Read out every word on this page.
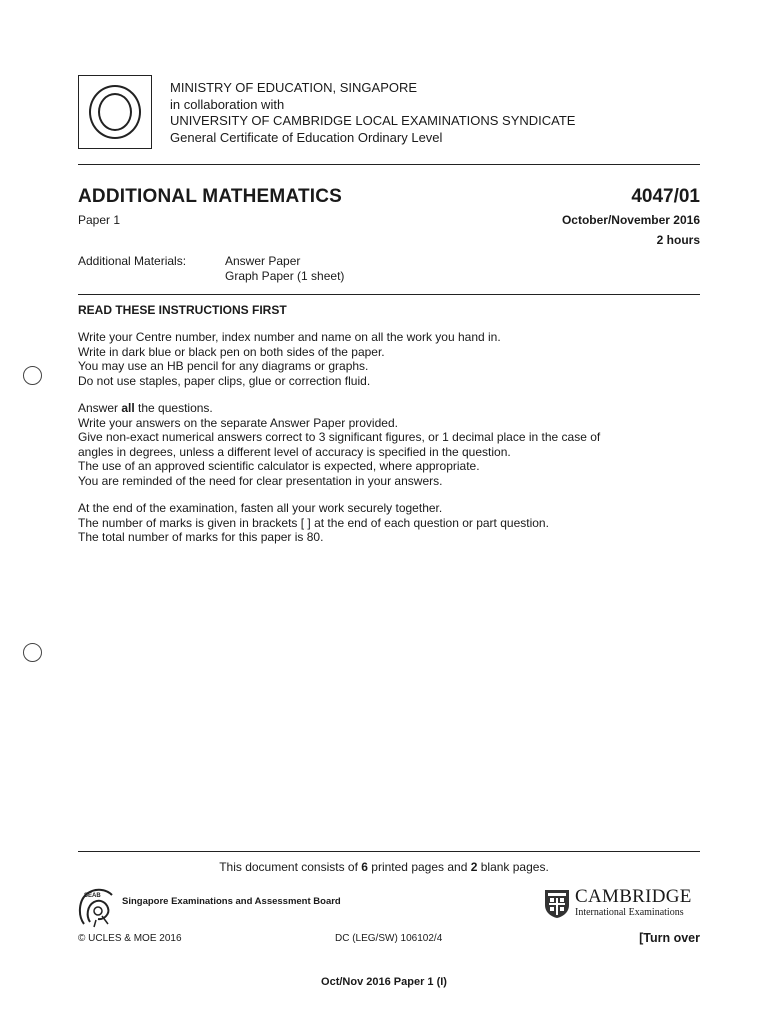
MINISTRY OF EDUCATION, SINGAPORE
in collaboration with
UNIVERSITY OF CAMBRIDGE LOCAL EXAMINATIONS SYNDICATE
General Certificate of Education Ordinary Level
ADDITIONAL MATHEMATICS	4047/01
Paper 1	October/November 2016
2 hours
Additional Materials:	Answer Paper
Graph Paper (1 sheet)
READ THESE INSTRUCTIONS FIRST
Write your Centre number, index number and name on all the work you hand in.
Write in dark blue or black pen on both sides of the paper.
You may use an HB pencil for any diagrams or graphs.
Do not use staples, paper clips, glue or correction fluid.
Answer all the questions.
Write your answers on the separate Answer Paper provided.
Give non-exact numerical answers correct to 3 significant figures, or 1 decimal place in the case of
angles in degrees, unless a different level of accuracy is specified in the question.
The use of an approved scientific calculator is expected, where appropriate.
You are reminded of the need for clear presentation in your answers.
At the end of the examination, fasten all your work securely together.
The number of marks is given in brackets [ ] at the end of each question or part question.
The total number of marks for this paper is 80.
This document consists of 6 printed pages and 2 blank pages.
SEAB Singapore Examinations and Assessment Board	CAMBRIDGE
International Examinations
© UCLES & MOE 2016	DC (LEG/SW) 106102/4	[Turn over
Oct/Nov 2016 Paper 1 (I)
